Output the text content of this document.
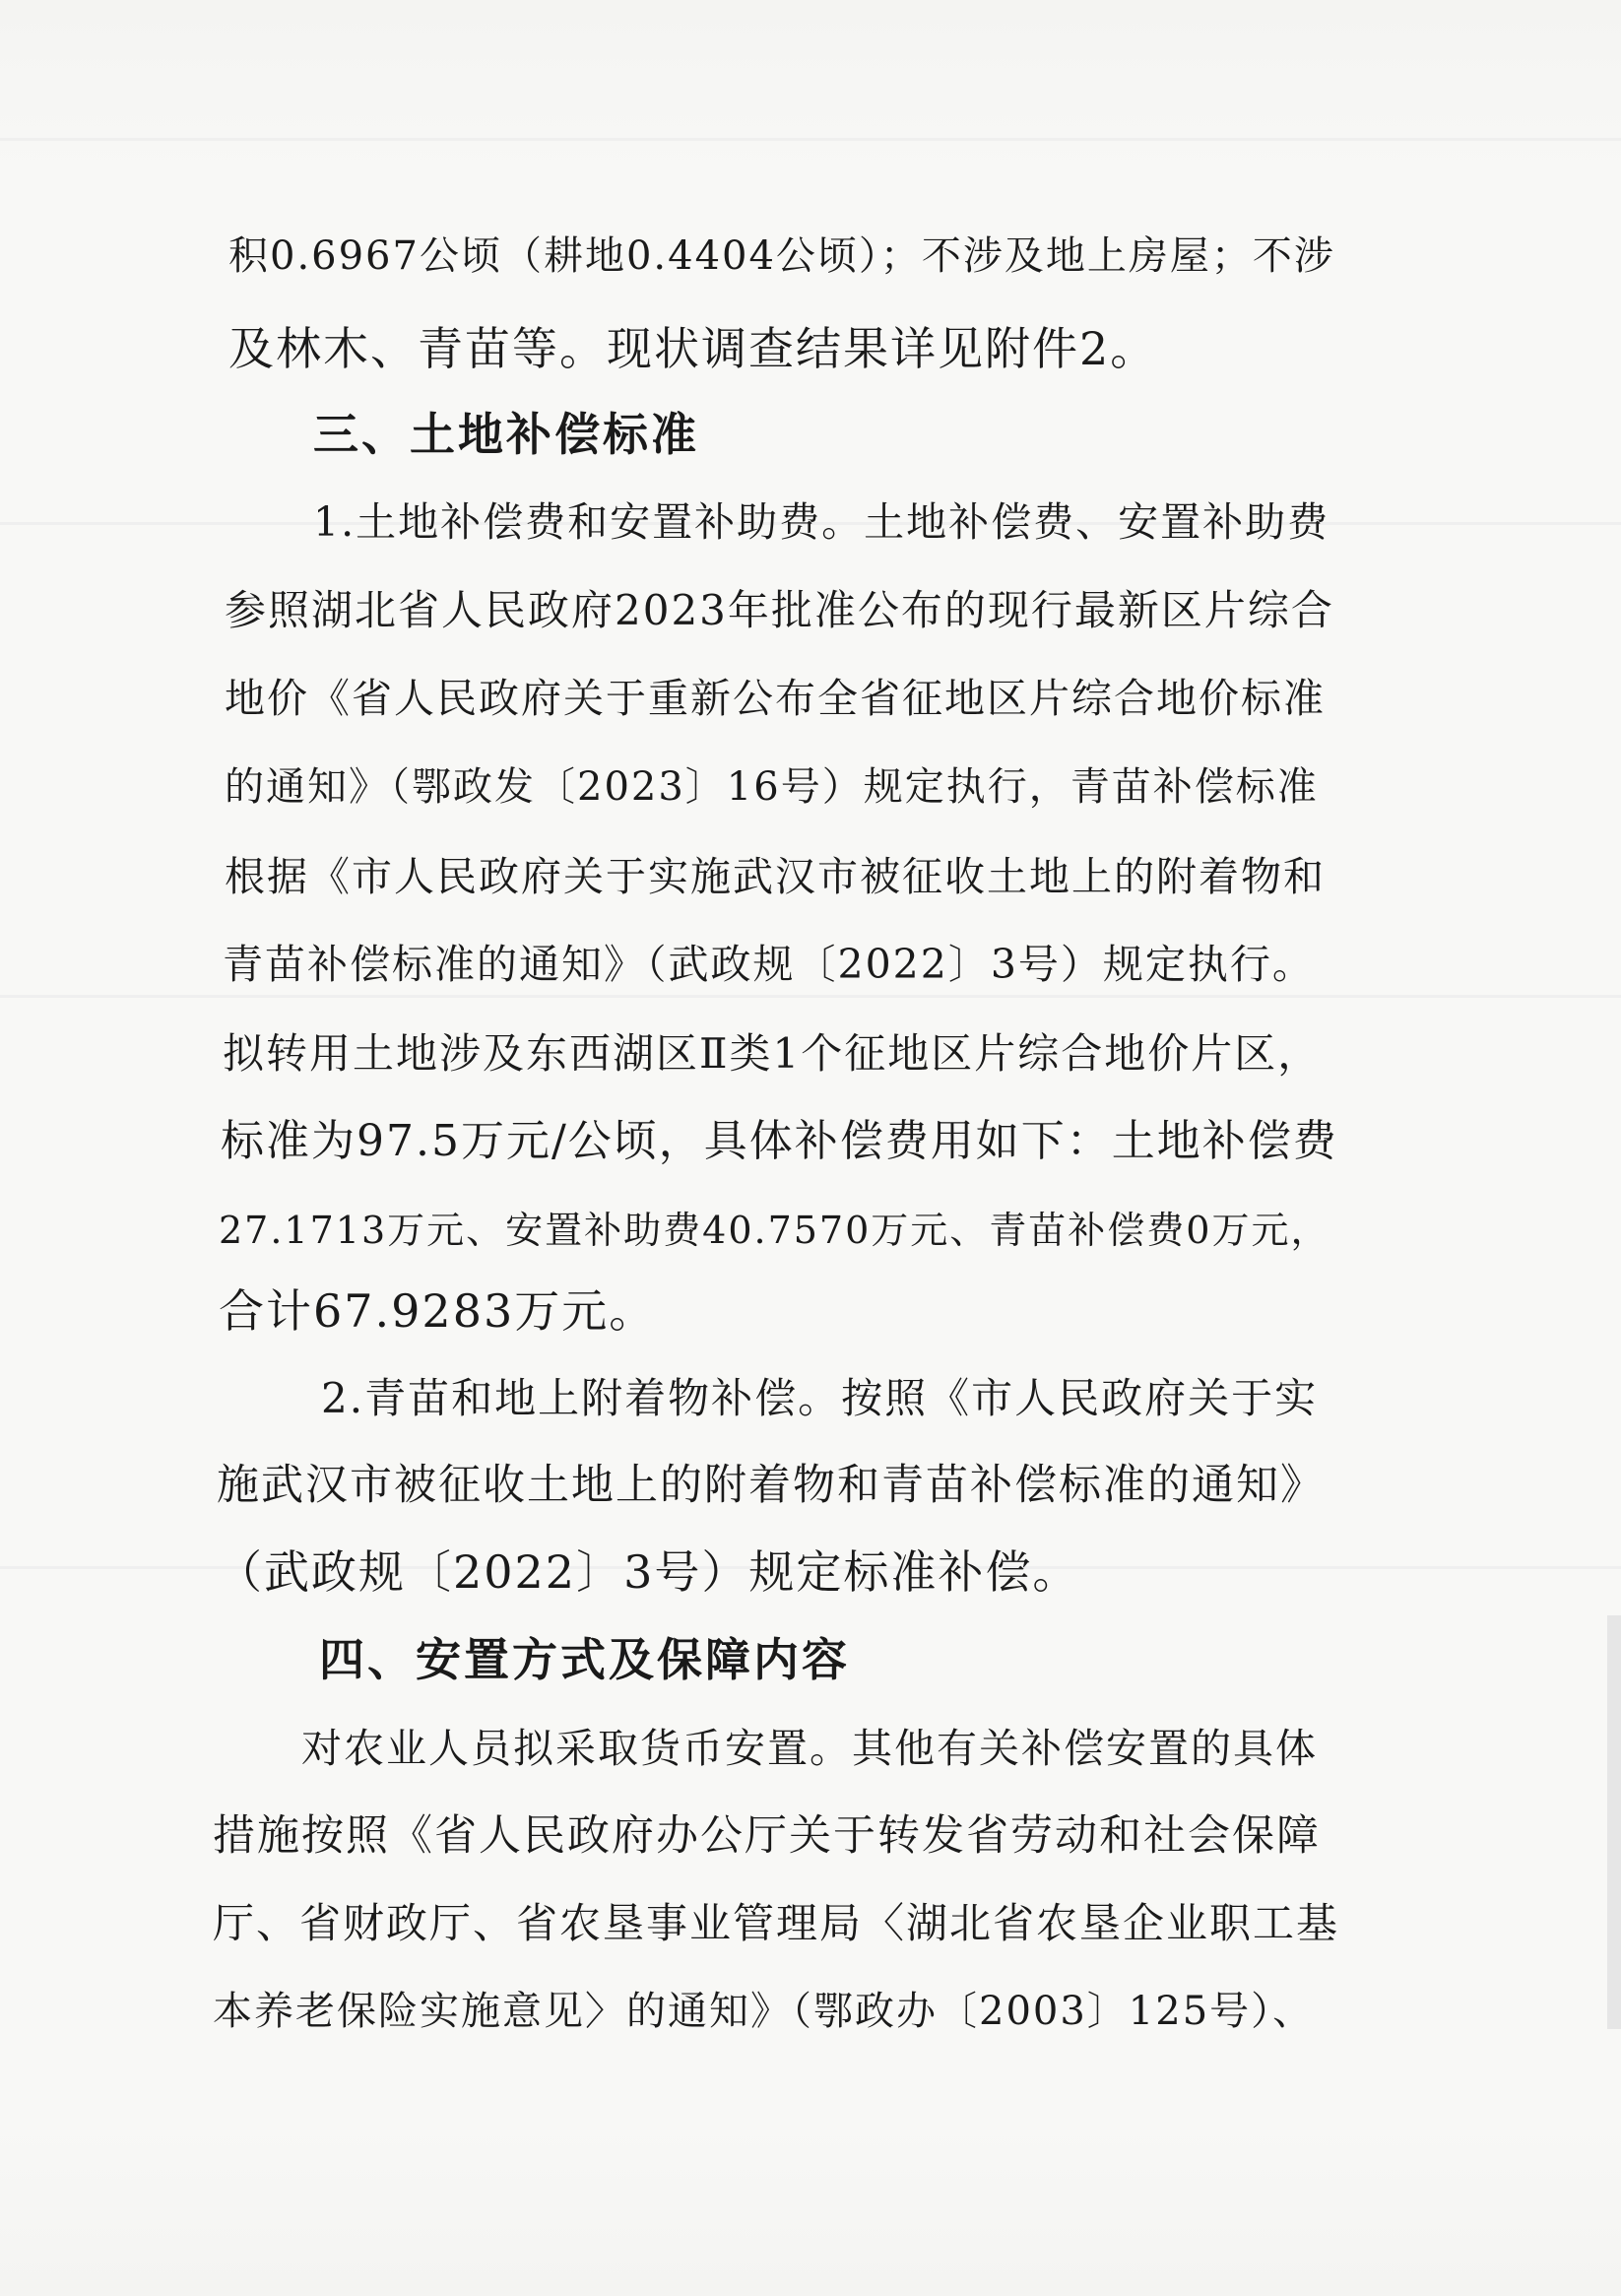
积0.6967公顷（耕地0.4404公顷）；不涉及地上房屋；不涉

及林木、青苗等。现状调查结果详见附件2。

三、土地补偿标准

1.土地补偿费和安置补助费。土地补偿费、安置补助费

参照湖北省人民政府2023年批准公布的现行最新区片综合

地价《省人民政府关于重新公布全省征地区片综合地价标准

的通知》（鄂政发〔2023〕16号）规定执行，青苗补偿标准

根据《市人民政府关于实施武汉市被征收土地上的附着物和

青苗补偿标准的通知》（武政规〔2022〕3号）规定执行。

拟转用土地涉及东西湖区Ⅱ类1个征地区片综合地价片区，

标准为97.5万元/公顷，具体补偿费用如下：土地补偿费

27.1713万元、安置补助费40.7570万元、青苗补偿费0万元，

合计67.9283万元。

2.青苗和地上附着物补偿。按照《市人民政府关于实

施武汉市被征收土地上的附着物和青苗补偿标准的通知》

（武政规〔2022〕3号）规定标准补偿。

四、安置方式及保障内容

对农业人员拟采取货币安置。其他有关补偿安置的具体

措施按照《省人民政府办公厅关于转发省劳动和社会保障

厅、省财政厅、省农垦事业管理局〈湖北省农垦企业职工基

本养老保险实施意见〉的通知》（鄂政办〔2003〕125号）、
